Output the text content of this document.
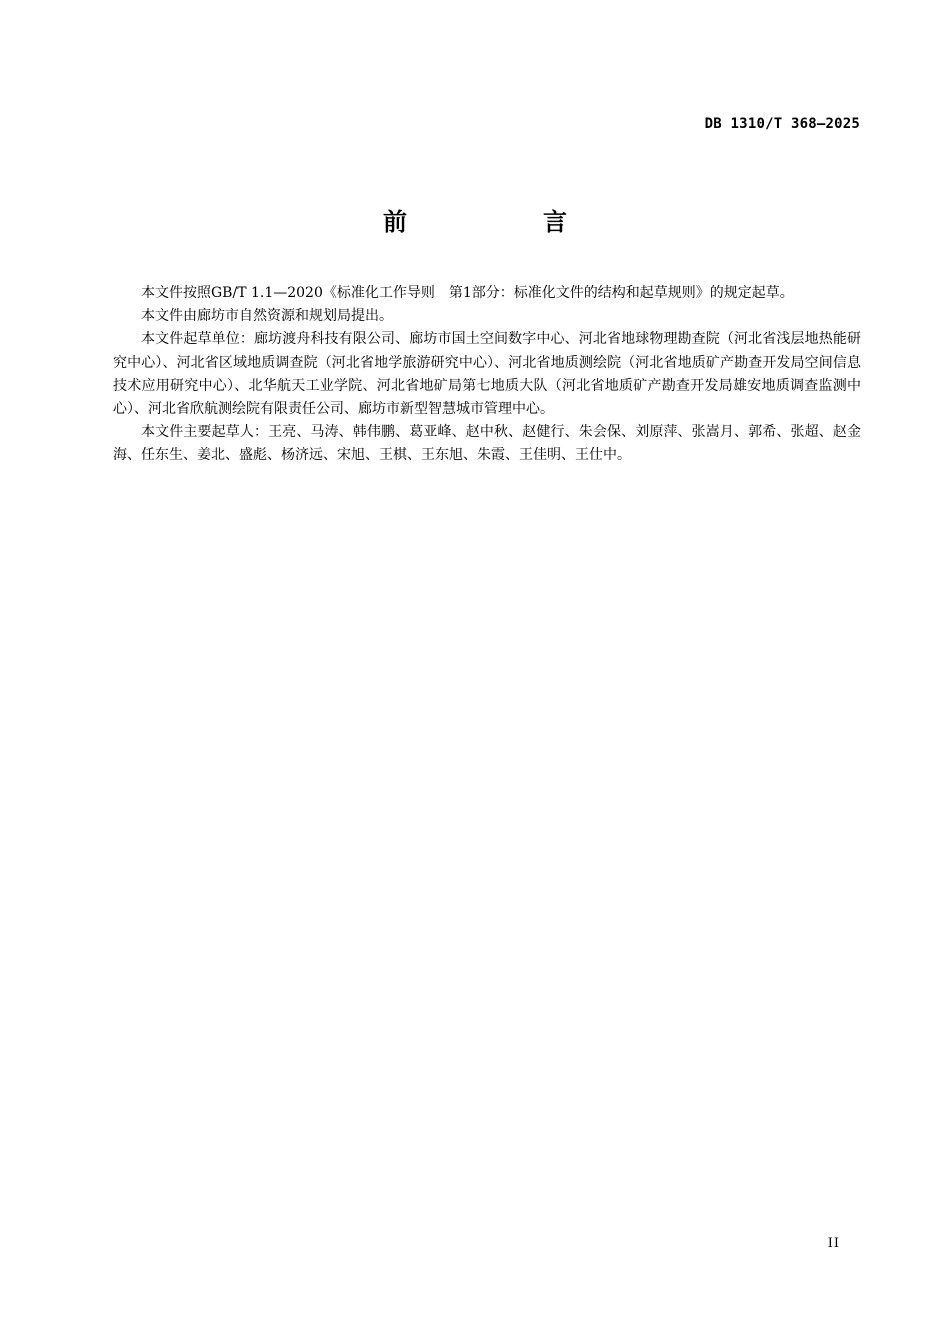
DB 1310/T 368—2025
前　言

本文件按照GB/T 1.1—2020《标准化工作导则　第1部分：标准化文件的结构和起草规则》的规定起草。

本文件由廊坊市自然资源和规划局提出。

本文件起草单位：廊坊渡舟科技有限公司、廊坊市国土空间数字中心、河北省地球物理勘查院（河北省浅层地热能研究中心）、河北省区域地质调查院（河北省地学旅游研究中心）、河北省地质测绘院（河北省地质矿产勘查开发局空间信息技术应用研究中心）、北华航天工业学院、河北省地矿局第七地质大队（河北省地质矿产勘查开发局雄安地质调查监测中心）、河北省欣航测绘院有限责任公司、廊坊市新型智慧城市管理中心。

本文件主要起草人：王亮、马涛、韩伟鹏、葛亚峰、赵中秋、赵健行、朱会保、刘原萍、张嵩月、郭希、张超、赵金海、任东生、姜北、盛彪、杨济远、宋旭、王棋、王东旭、朱霞、王佳明、王仕中。

II
